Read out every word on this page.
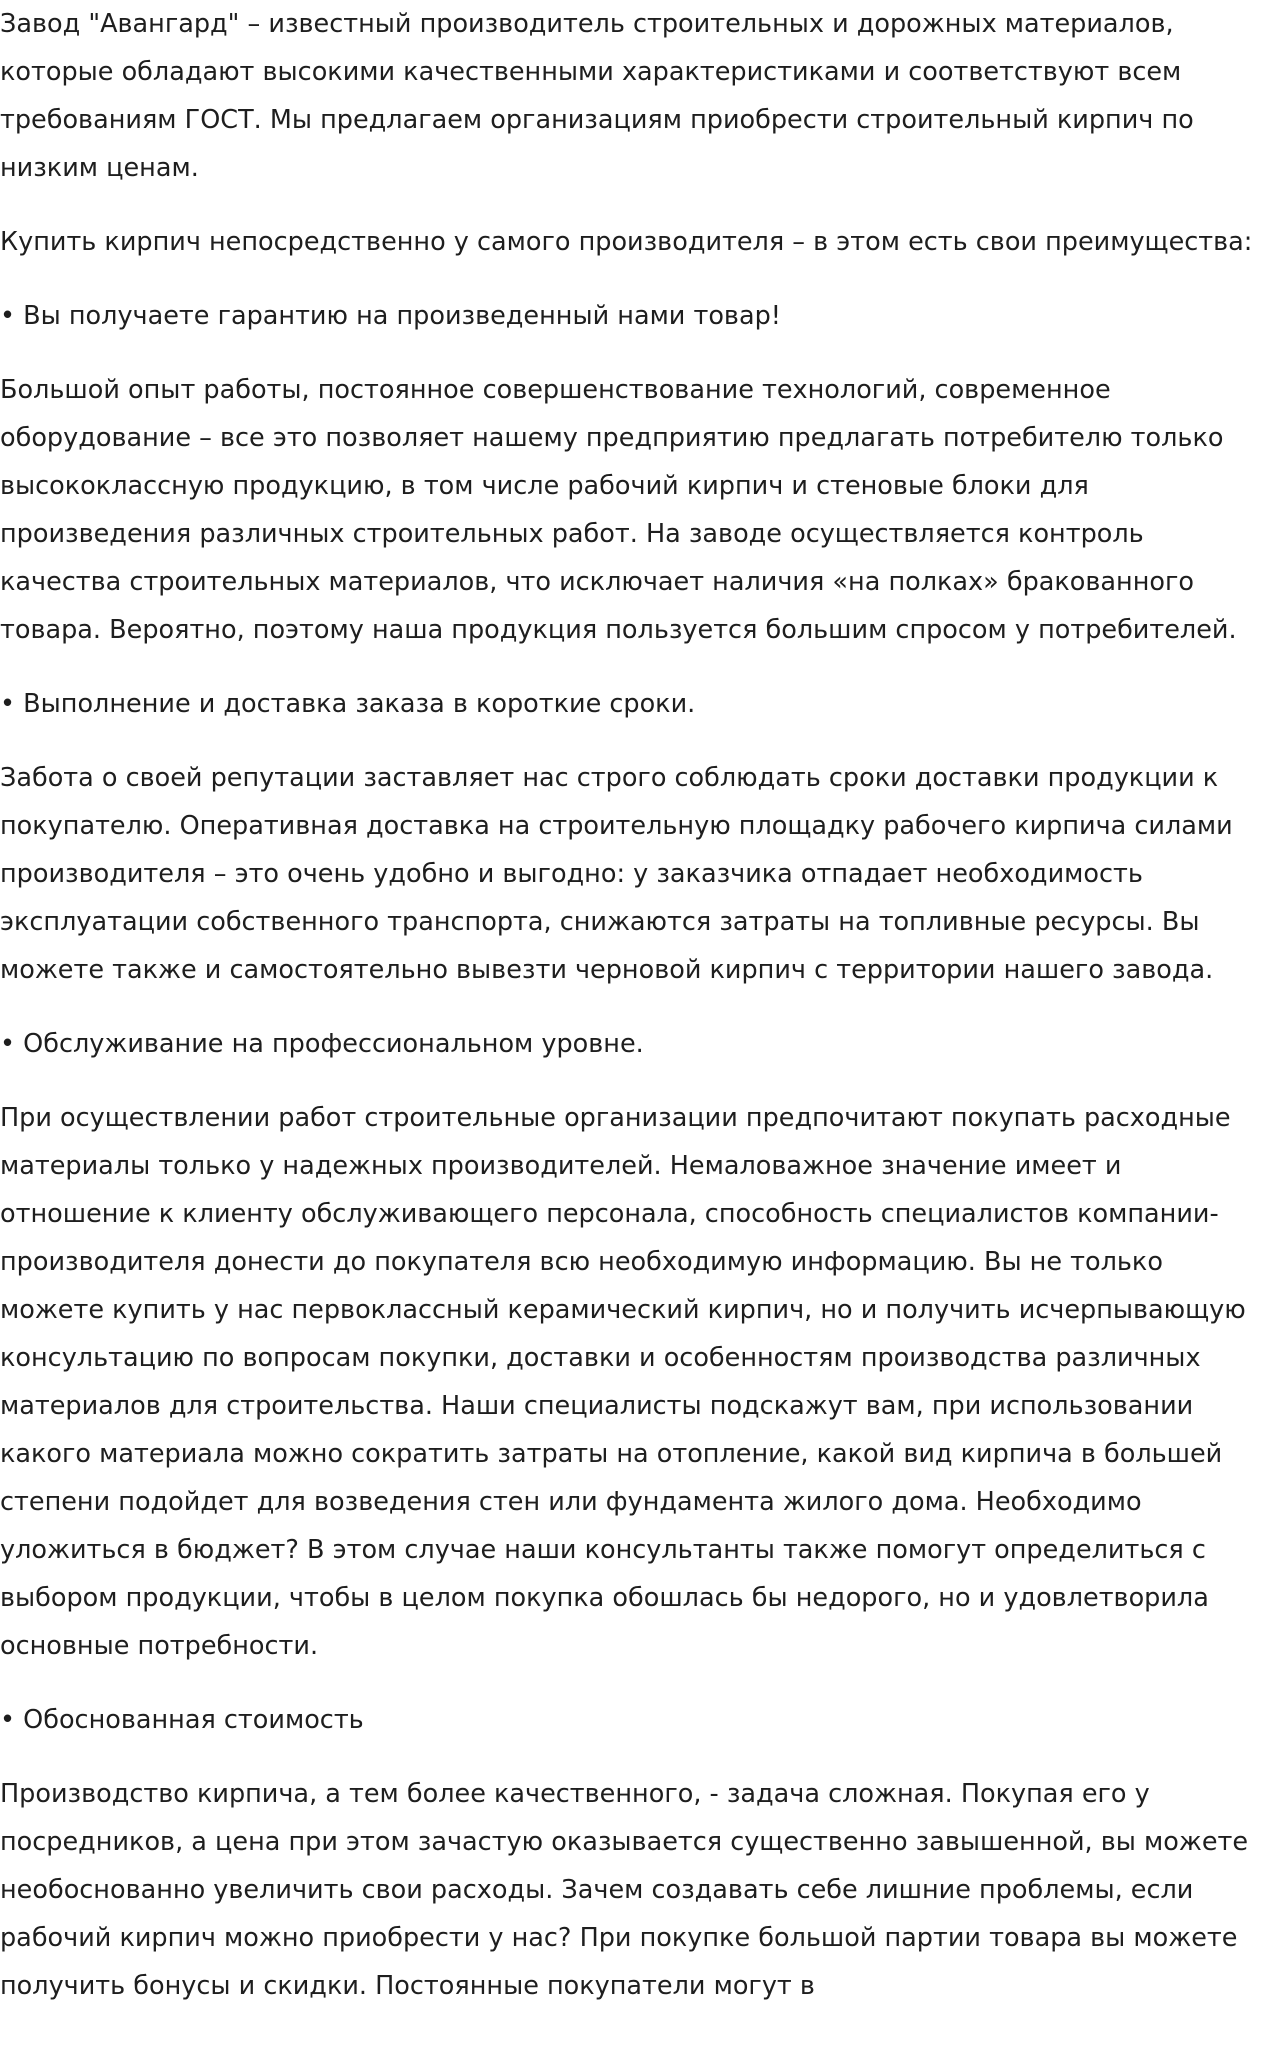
Завод "Авангард" – известный производитель строительных и дорожных материалов, которые обладают высокими качественными характеристиками и соответствуют всем требованиям ГОСТ. Мы предлагаем организациям приобрести строительный кирпич по низким ценам.

Купить кирпич непосредственно у самого производителя – в этом есть свои преимущества:

• Вы получаете гарантию на произведенный нами товар!

Большой опыт работы, постоянное совершенствование технологий, современное оборудование – все это позволяет нашему предприятию предлагать потребителю только высококлассную продукцию, в том числе рабочий кирпич и стеновые блоки для произведения различных строительных работ. На заводе осуществляется контроль качества строительных материалов, что исключает наличия «на полках» бракованного товара. Вероятно, поэтому наша продукция пользуется большим спросом у потребителей.

• Выполнение и доставка заказа в короткие сроки.

Забота о своей репутации заставляет нас строго соблюдать сроки доставки продукции к покупателю. Оперативная доставка на строительную площадку рабочего кирпича силами производителя – это очень удобно и выгодно: у заказчика отпадает необходимость эксплуатации собственного транспорта, снижаются затраты на топливные ресурсы. Вы можете также и самостоятельно вывезти черновой кирпич с территории нашего завода.

• Обслуживание на профессиональном уровне.

При осуществлении работ строительные организации предпочитают покупать расходные материалы только у надежных производителей. Немаловажное значение имеет и отношение к клиенту обслуживающего персонала, способность специалистов компании-производителя донести до покупателя всю необходимую информацию. Вы не только можете купить у нас первоклассный керамический кирпич, но и получить исчерпывающую консультацию по вопросам покупки, доставки и особенностям производства различных материалов для строительства. Наши специалисты подскажут вам, при использовании какого материала можно сократить затраты на отопление, какой вид кирпича в большей степени подойдет для возведения стен или фундамента жилого дома. Необходимо уложиться в бюджет? В этом случае наши консультанты также помогут определиться с выбором продукции, чтобы в целом покупка обошлась бы недорого, но и удовлетворила основные потребности.

• Обоснованная стоимость

Производство кирпича, а тем более качественного, - задача сложная. Покупая его у посредников, а цена при этом зачастую оказывается существенно завышенной, вы можете необоснованно увеличить свои расходы. Зачем создавать себе лишние проблемы, если рабочий кирпич можно приобрести у нас? При покупке большой партии товара вы можете получить бонусы и скидки. Постоянные покупатели могут в
